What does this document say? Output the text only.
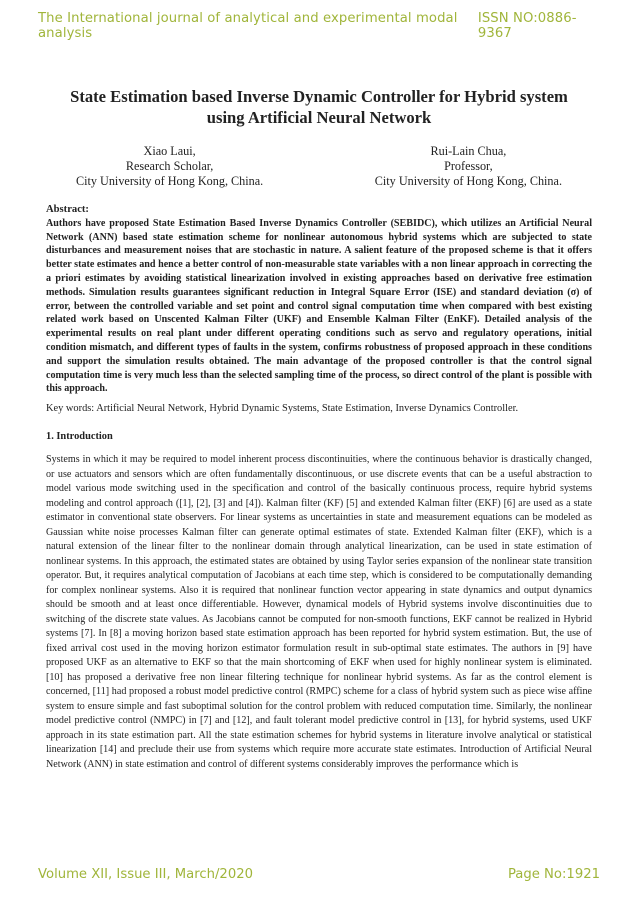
The International journal of analytical and experimental modal analysis
ISSN NO:0886-9367
State Estimation based Inverse Dynamic Controller for Hybrid system using Artificial Neural Network
Xiao Laui,
Research Scholar,
City University of Hong Kong, China.
Rui-Lain Chua,
Professor,
City University of Hong Kong, China.
Abstract:
Authors have proposed State Estimation Based Inverse Dynamics Controller (SEBIDC), which utilizes an Artificial Neural Network (ANN) based state estimation scheme for nonlinear autonomous hybrid systems which are subjected to state disturbances and measurement noises that are stochastic in nature. A salient feature of the proposed scheme is that it offers better state estimates and hence a better control of non-measurable state variables with a non linear approach in correcting the a priori estimates by avoiding statistical linearization involved in existing approaches based on derivative free estimation methods. Simulation results guarantees significant reduction in Integral Square Error (ISE) and standard deviation (σ) of error, between the controlled variable and set point and control signal computation time when compared with best existing related work based on Unscented Kalman Filter (UKF) and Ensemble Kalman Filter (EnKF). Detailed analysis of the experimental results on real plant under different operating conditions such as servo and regulatory operations, initial condition mismatch, and different types of faults in the system, confirms robustness of proposed approach in these conditions and support the simulation results obtained. The main advantage of the proposed controller is that the control signal computation time is very much less than the selected sampling time of the process, so direct control of the plant is possible with this approach.
Key words: Artificial Neural Network, Hybrid Dynamic Systems, State Estimation, Inverse Dynamics Controller.
1. Introduction
Systems in which it may be required to model inherent process discontinuities, where the continuous behavior is drastically changed, or use actuators and sensors which are often fundamentally discontinuous, or use discrete events that can be a useful abstraction to model various mode switching used in the specification and control of the basically continuous process, require hybrid systems modeling and control approach ([1], [2], [3] and [4]). Kalman filter (KF) [5] and extended Kalman filter (EKF) [6] are used as a state estimator in conventional state observers. For linear systems as uncertainties in state and measurement equations can be modeled as Gaussian white noise processes Kalman filter can generate optimal estimates of state. Extended Kalman filter (EKF), which is a natural extension of the linear filter to the nonlinear domain through analytical linearization, can be used in state estimation of nonlinear systems. In this approach, the estimated states are obtained by using Taylor series expansion of the nonlinear state transition operator. But, it requires analytical computation of Jacobians at each time step, which is considered to be computationally demanding for complex nonlinear systems. Also it is required that nonlinear function vector appearing in state dynamics and output dynamics should be smooth and at least once differentiable. However, dynamical models of Hybrid systems involve discontinuities due to switching of the discrete state values. As Jacobians cannot be computed for non-smooth functions, EKF cannot be realized in Hybrid systems [7]. In [8] a moving horizon based state estimation approach has been reported for hybrid system estimation. But, the use of fixed arrival cost used in the moving horizon estimator formulation result in sub-optimal state estimates. The authors in [9] have proposed UKF as an alternative to EKF so that the main shortcoming of EKF when used for highly nonlinear system is eliminated. [10] has proposed a derivative free non linear filtering technique for nonlinear hybrid systems. As far as the control element is concerned, [11] had proposed a robust model predictive control (RMPC) scheme for a class of hybrid system such as piece wise affine system to ensure simple and fast suboptimal solution for the control problem with reduced computation time. Similarly, the nonlinear model predictive control (NMPC) in [7] and [12], and fault tolerant model predictive control in [13], for hybrid systems, used UKF approach in its state estimation part. All the state estimation schemes for hybrid systems in literature involve analytical or statistical linearization [14] and preclude their use from systems which require more accurate state estimates. Introduction of Artificial Neural Network (ANN) in state estimation and control of different systems considerably improves the performance which is
Volume XII, Issue III, March/2020	Page No:1921
